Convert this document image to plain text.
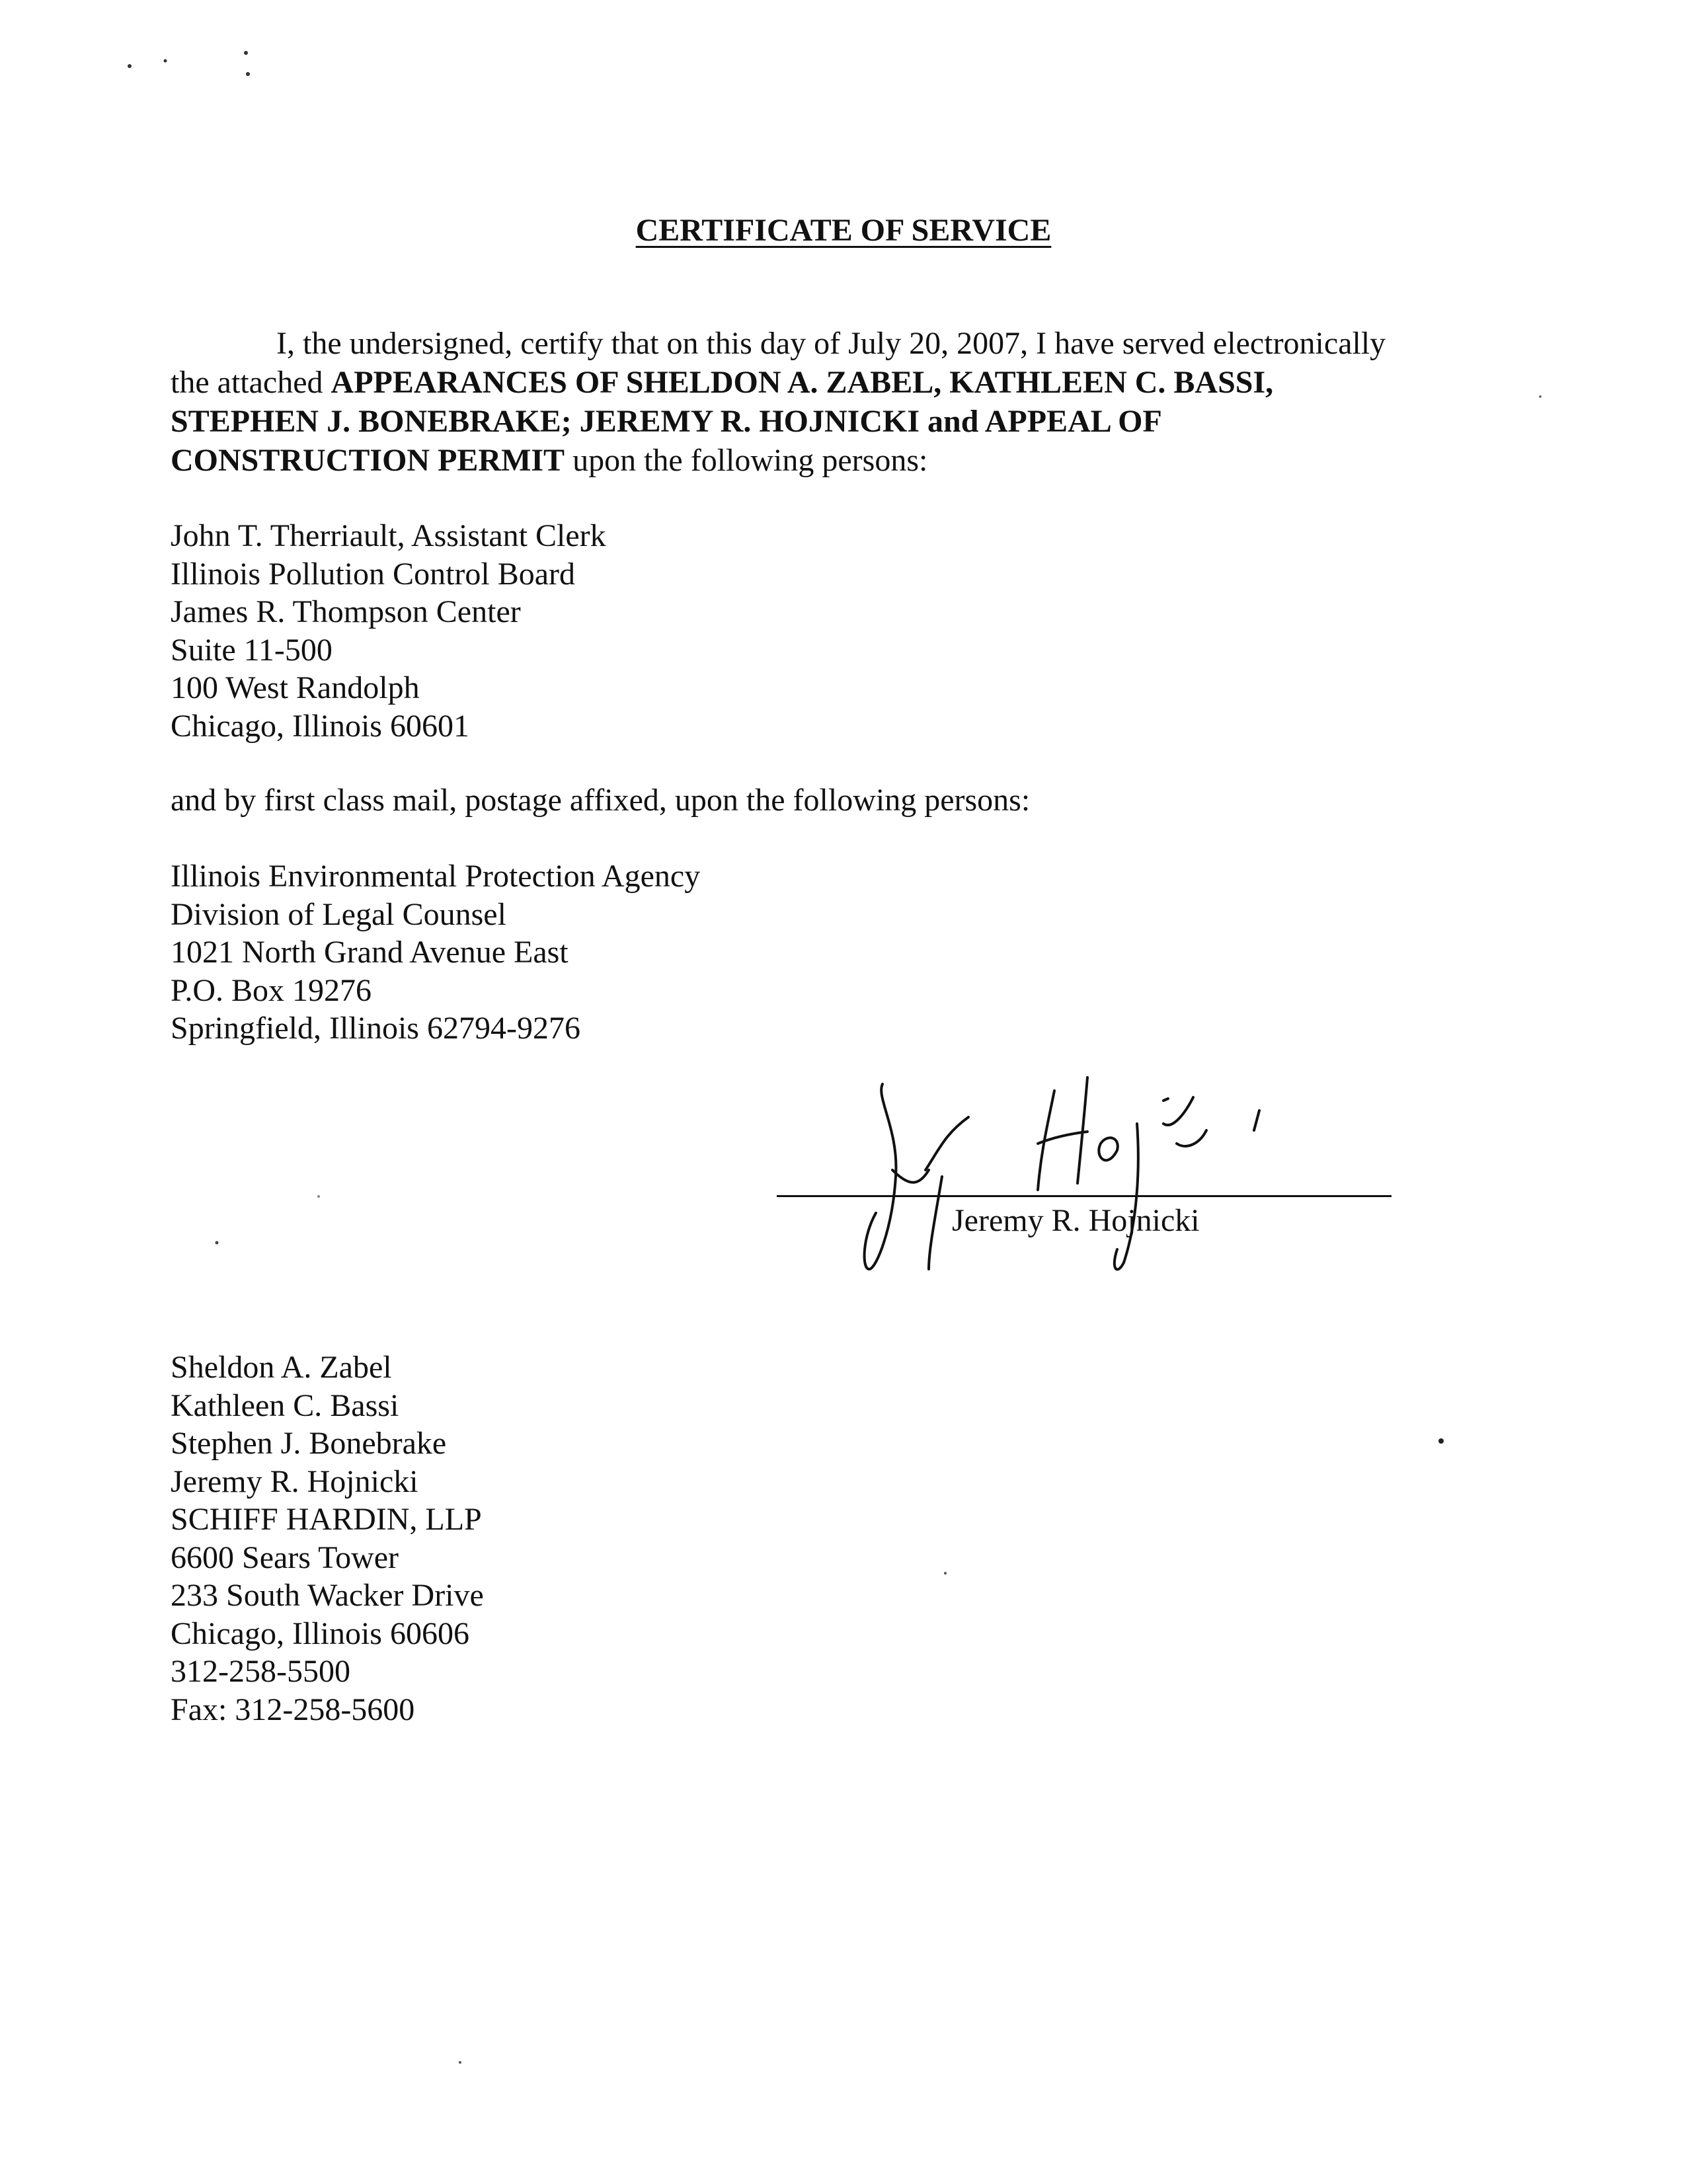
CERTIFICATE OF SERVICE
I, the undersigned, certify that on this day of July 20, 2007, I have served electronically
the attached APPEARANCES OF SHELDON A. ZABEL, KATHLEEN C. BASSI,
STEPHEN J. BONEBRAKE; JEREMY R. HOJNICKI and APPEAL OF
CONSTRUCTION PERMIT upon the following persons:
John T. Therriault, Assistant Clerk
Illinois Pollution Control Board
James R. Thompson Center
Suite 11-500
100 West Randolph
Chicago, Illinois 60601
and by first class mail, postage affixed, upon the following persons:
Illinois Environmental Protection Agency
Division of Legal Counsel
1021 North Grand Avenue East
P.O. Box 19276
Springfield, Illinois 62794-9276
Jeremy R. Hojnicki
Sheldon A. Zabel
Kathleen C. Bassi
Stephen J. Bonebrake
Jeremy R. Hojnicki
SCHIFF HARDIN, LLP
6600 Sears Tower
233 South Wacker Drive
Chicago, Illinois 60606
312-258-5500
Fax: 312-258-5600
